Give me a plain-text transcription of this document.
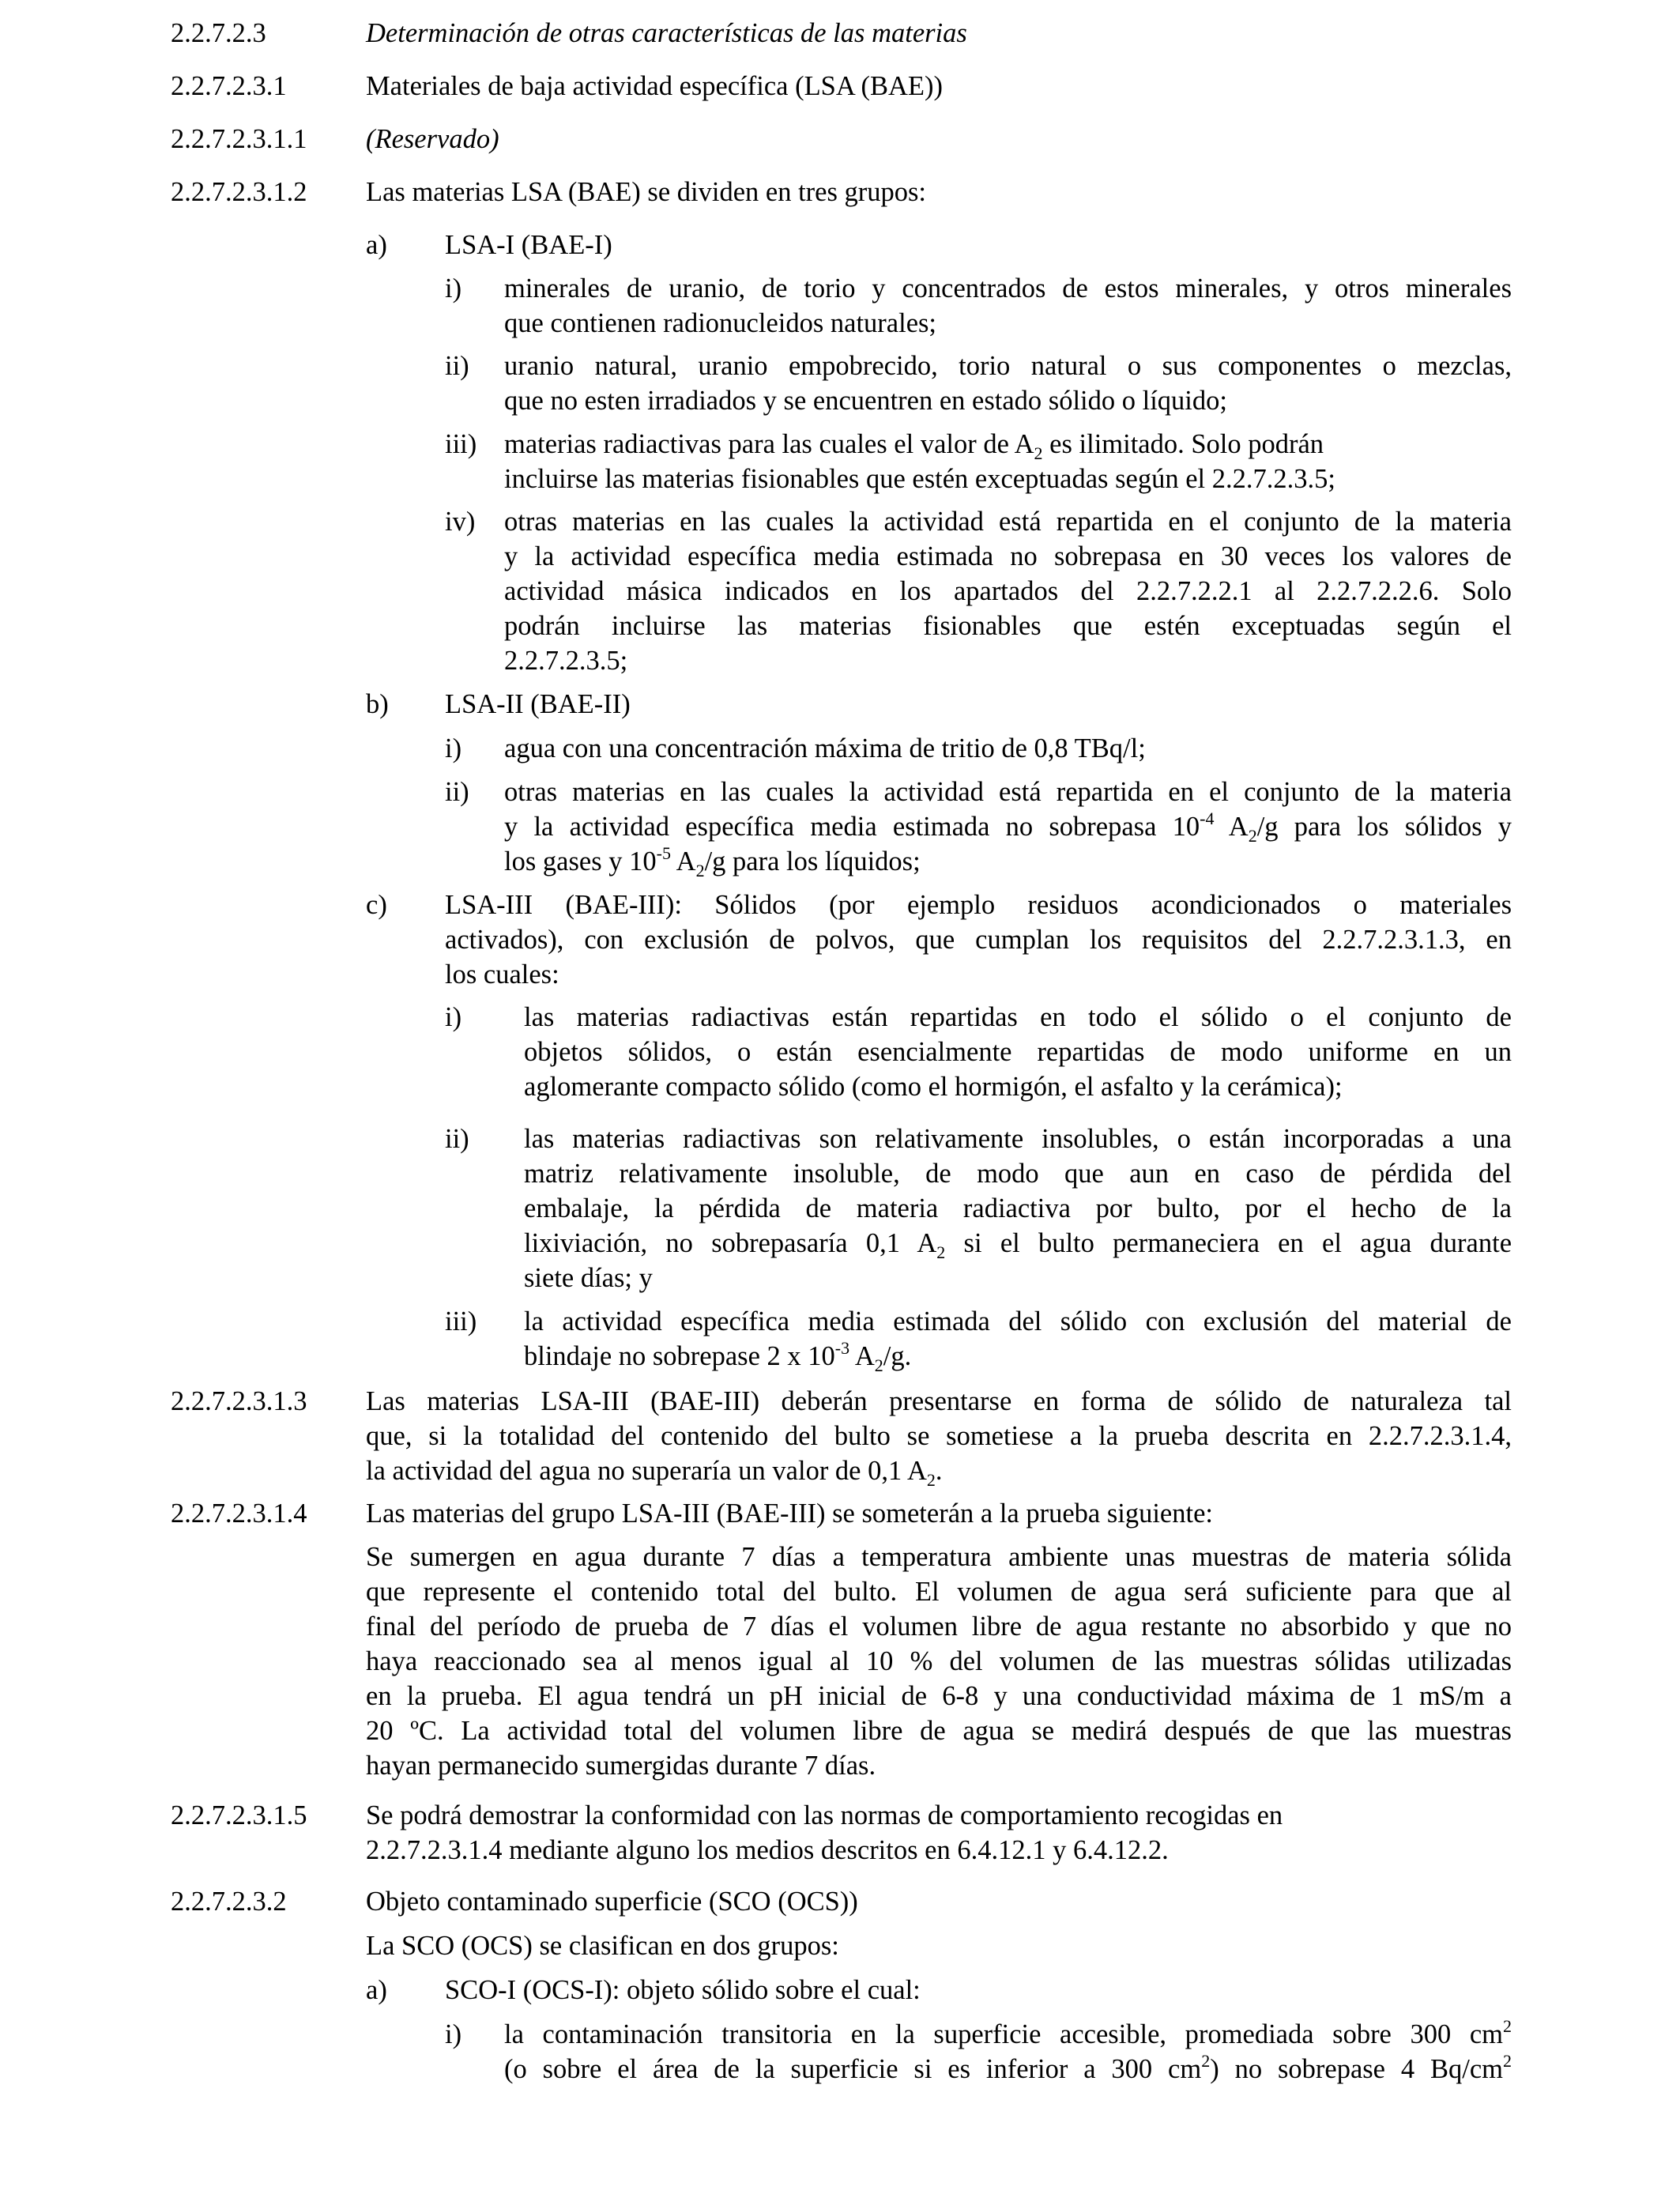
2.2.7.2.3	Determinación de otras características de las materias
2.2.7.2.3.1	Materiales de baja actividad específica (LSA (BAE))
2.2.7.2.3.1.1 (Reservado)
2.2.7.2.3.1.2 Las materias LSA (BAE) se dividen en tres grupos:
a) LSA-I (BAE-I)
i) minerales de uranio, de torio y concentrados de estos minerales, y otros minerales
que contienen radionucleidos naturales;
ii) uranio natural, uranio empobrecido, torio natural o sus componentes o mezclas,
que no esten irradiados y se encuentren en estado sólido o líquido;
iii) materias radiactivas para las cuales el valor de $A_2$ es ilimitado. Solo podrán
incluirse las materias fisionables que estén exceptuadas según el 2.2.7.2.3.5;
iv) otras materias en las cuales la actividad está repartida en el conjunto de la materia
y la actividad específica media estimada no sobrepasa en 30 veces los valores de
actividad másica indicados en los apartados del 2.2.7.2.2.1 al 2.2.7.2.2.6. Solo
podrán incluirse las materias fisionables que estén exceptuadas según el
2.2.7.2.3.5;
b) LSA-II (BAE-II)
i) agua con una concentración máxima de tritio de 0,8 TBq/l;
ii) otras materias en las cuales la actividad está repartida en el conjunto de la materia
y la actividad específica media estimada no sobrepasa $10^{-4}$ $A_2/g$ para los sólidos y
los gases y $10^{-5}$ $A_2/g$ para los líquidos;
c) LSA-III (BAE-III): Sólidos (por ejemplo residuos acondicionados o materiales
activados), con exclusión de polvos, que cumplan los requisitos del 2.2.7.2.3.1.3, en
los cuales:
i) las materias radiactivas están repartidas en todo el sólido o el conjunto de
objetos sólidos, o están esencialmente repartidas de modo uniforme en un
aglomerante compacto sólido (como el hormigón, el asfalto y la cerámica);
ii) las materias radiactivas son relativamente insolubles, o están incorporadas a una
matriz relativamente insoluble, de modo que aun en caso de pérdida del
embalaje, la pérdida de materia radiactiva por bulto, por el hecho de la
lixiviación, no sobrepasaría 0,1 $A_2$ si el bulto permaneciera en el agua durante
siete días; y
iii) la actividad específica media estimada del sólido con exclusión del material de
blindaje no sobrepase 2 x $10^{-3}$ $A_2/g$.
2.2.7.2.3.1.3 Las materias LSA-III (BAE-III) deberán presentarse en forma de sólido de naturaleza tal
que, si la totalidad del contenido del bulto se sometiese a la prueba descrita en 2.2.7.2.3.1.4,
la actividad del agua no superaría un valor de 0,1 $A_2$.
2.2.7.2.3.1.4 Las materias del grupo LSA-III (BAE-III) se someterán a la prueba siguiente:
Se sumergen en agua durante 7 días a temperatura ambiente unas muestras de materia sólida
que represente el contenido total del bulto. El volumen de agua será suficiente para que al
final del período de prueba de 7 días el volumen libre de agua restante no absorbido y que no
haya reaccionado sea al menos igual al 10 % del volumen de las muestras sólidas utilizadas
en la prueba. El agua tendrá un pH inicial de 6-8 y una conductividad máxima de 1 mS/m a
20 ºC. La actividad total del volumen libre de agua se medirá después de que las muestras
hayan permanecido sumergidas durante 7 días.
2.2.7.2.3.1.5 Se podrá demostrar la conformidad con las normas de comportamiento recogidas en
2.2.7.2.3.1.4 mediante alguno los medios descritos en 6.4.12.1 y 6.4.12.2.
2.2.7.2.3.2	Objeto contaminado superficie (SCO (OCS))
La SCO (OCS) se clasifican en dos grupos:
a) SCO-I (OCS-I): objeto sólido sobre el cual:
i) la contaminación transitoria en la superficie accesible, promediada sobre 300 $cm^2$
(o sobre el área de la superficie si es inferior a 300 $cm^2$) no sobrepase 4 $Bq/cm^2$
